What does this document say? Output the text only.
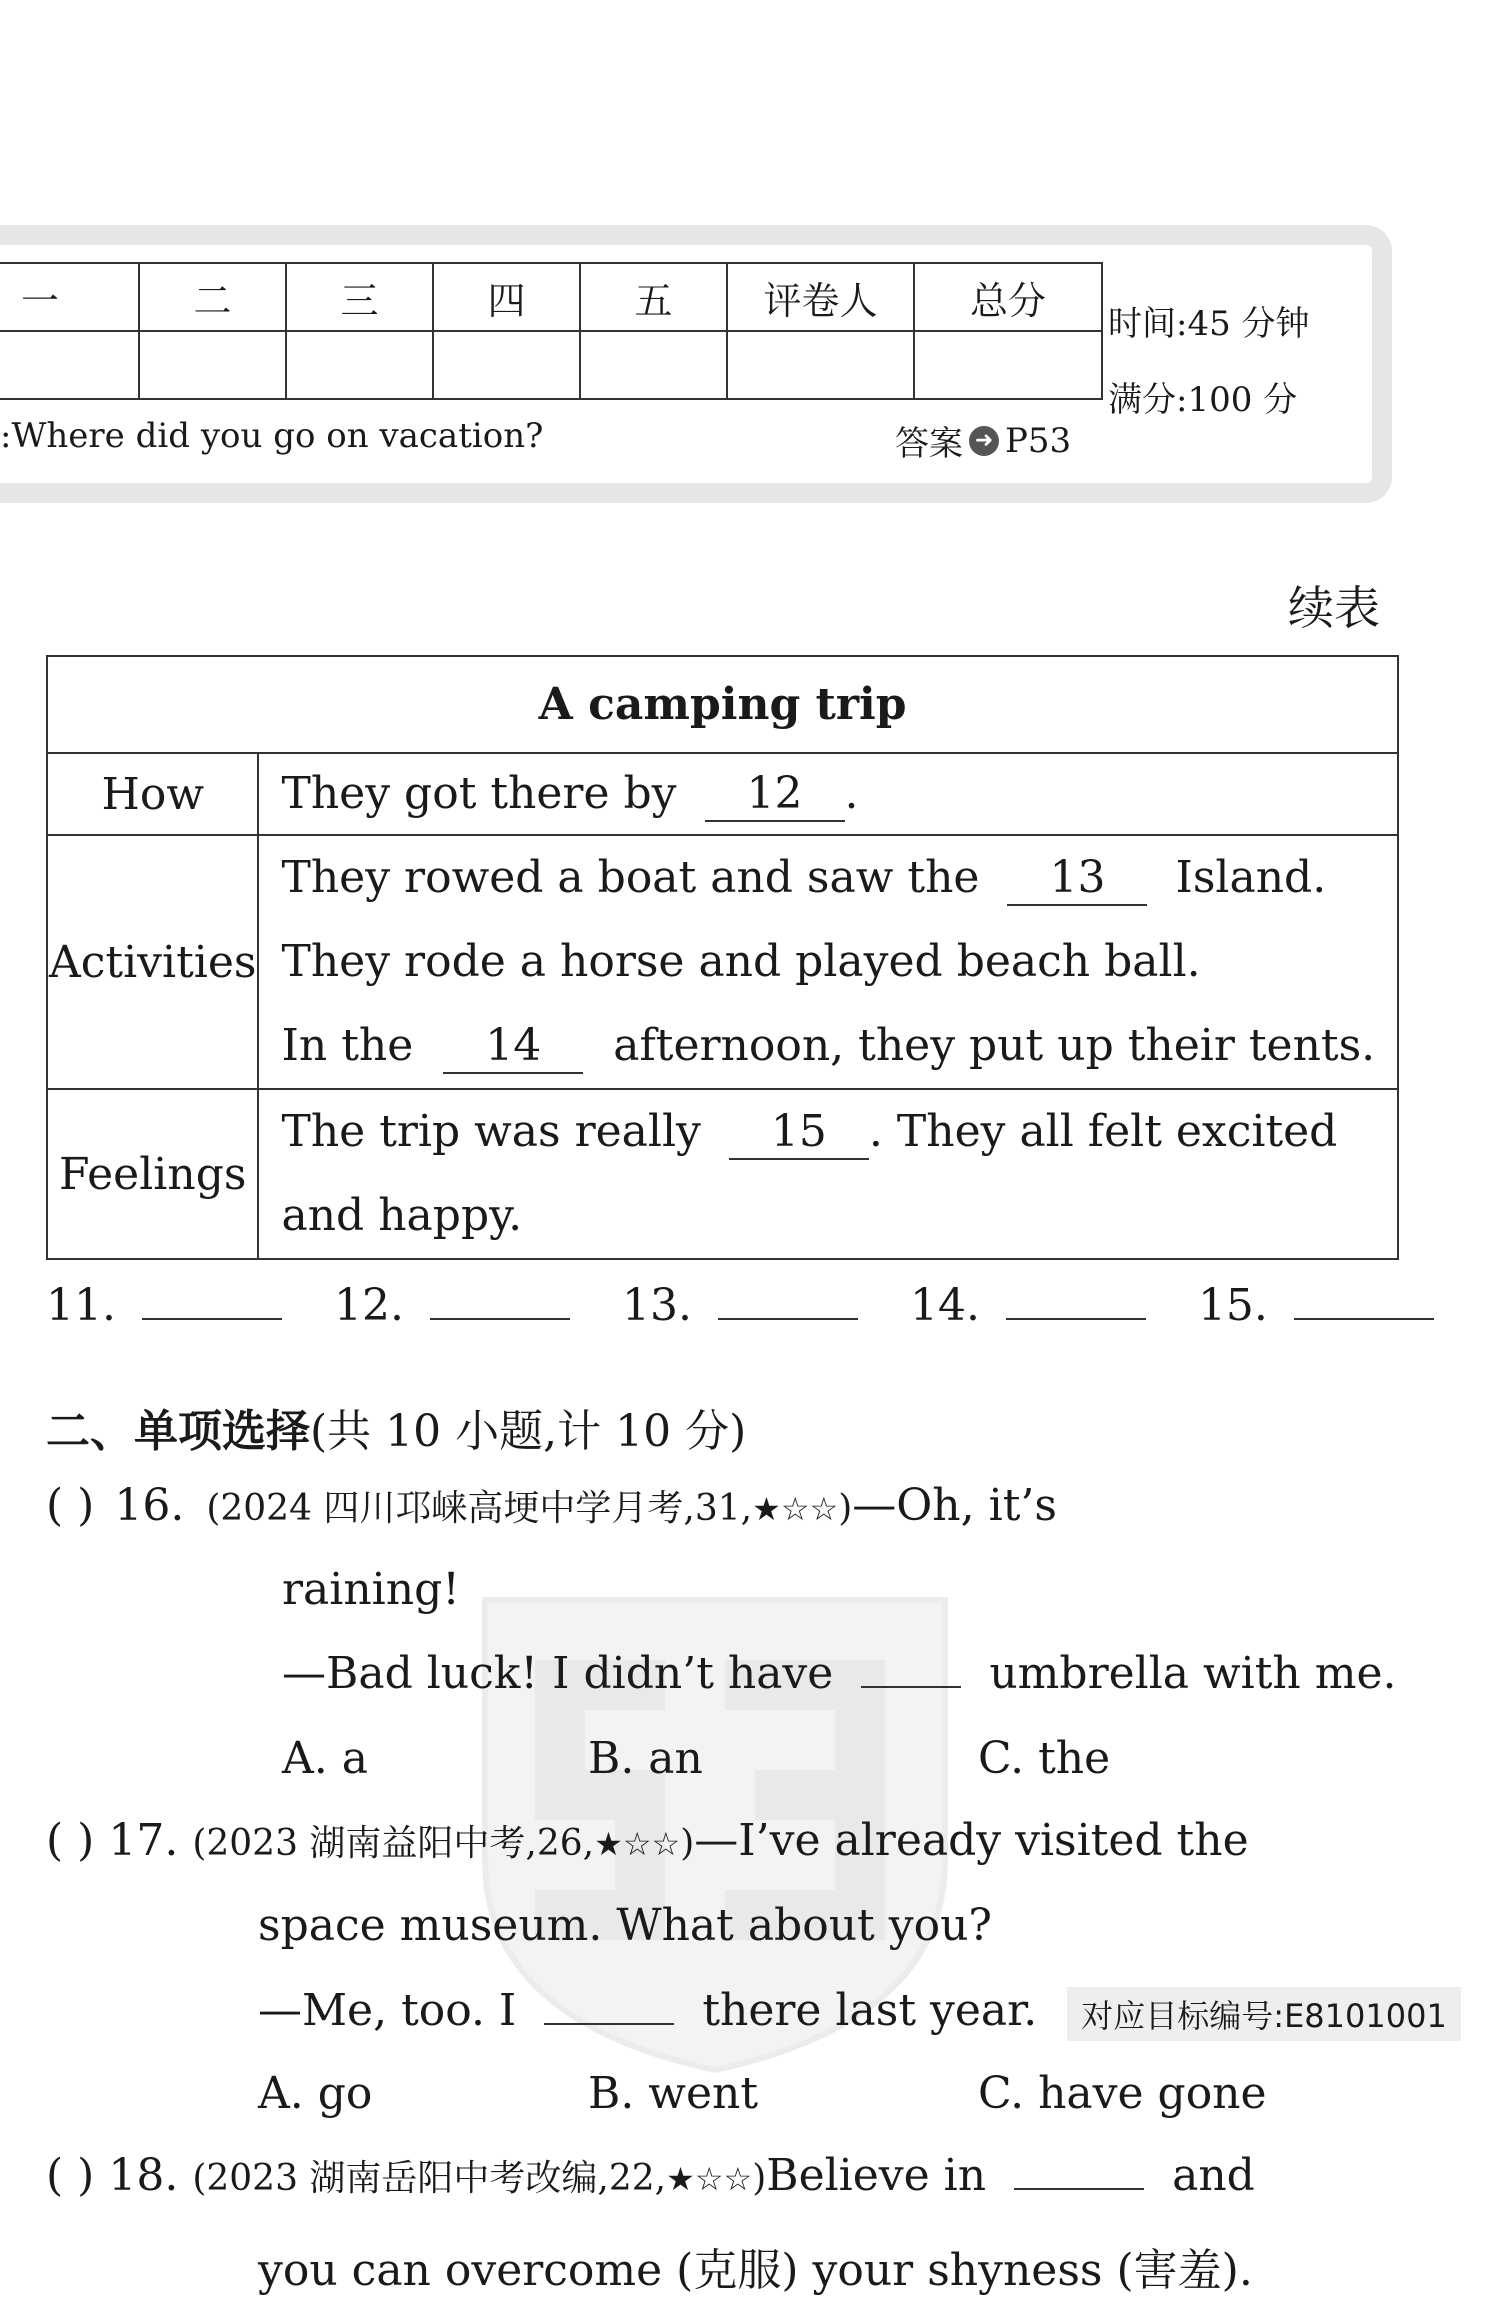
一	二	三	四	五	评卷人	总分

时间:45 分钟
满分:100 分
:Where did you go on vacation?	答案 ➜ P53
续表
A camping trip	
How	They got there by 12 .

Activities	They rowed a boat and saw the 13 Island.
They rode a horse and played beach ball.
In the 14 afternoon, they put up their tents.

Feelings	The trip was really 15 . They all felt excited
and happy.
11.	12.	13.	14.	15.
二、单项选择(共 10 小题,计 10 分)
( ) 16. (2024 四川邛崃高埂中学月考,31,★☆☆)—Oh, it’s
raining!
—Bad luck! I didn’t have	umbrella with me.
A. a	B. an	C. the
( ) 17. (2023 湖南益阳中考,26,★☆☆)—I’ve already visited the
space museum. What about you?
—Me, too. I	there last year. 对应目标编号:E8101001
A. go	B. went	C. have gone
( ) 18. (2023 湖南岳阳中考改编,22,★☆☆)Believe in	and
you can overcome (克服) your shyness (害羞).
